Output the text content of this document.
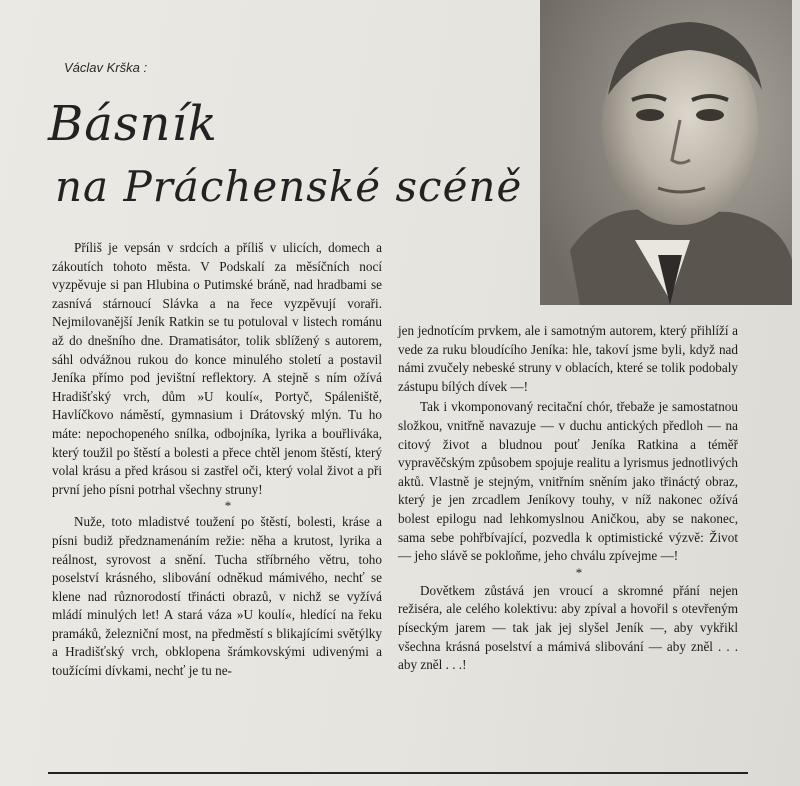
Václav Krška :
Básník
na Práchenské scéně

Příliš je vepsán v srdcích a příliš v ulicích, domech a zákoutích tohoto města. V Podskalí za měsíčních nocí vyzpěvuje si pan Hlubina o Putimské bráně, nad hradbami se zasnívá stárnoucí Slávka a na řece vyzpěvují voraři. Nejmilovanější Jeník Ratkin se tu potuloval v listech románu až do dnešního dne. Dramatisátor, tolik sblížený s autorem, sáhl odvážnou rukou do konce minulého století a postavil Jeníka přímo pod jevištní reflektory. A stejně s ním ožívá Hradišťský vrch, dům »U koulí«, Portyč, Spáleniště, Havlíčkovo náměstí, gymnasium i Drátovský mlýn. Tu ho máte: nepochopeného snílka, odbojníka, lyrika a bouřliváka, který toužil po štěstí a bolesti a přece chtěl jenom štěstí, který volal krásu a před krásou si zastřel oči, který volal život a při první jeho písni potrhal všechny struny!

*

Nuže, toto mladistvé toužení po štěstí, bolesti, kráse a písni budiž předznamenáním režie: něha a krutost, lyrika a reálnost, syrovost a snění. Tucha stříbrného větru, toho poselství krásného, slibování odněkud mámivého, nechť se klene nad různorodostí třinácti obrazů, v nichž se vyžívá mládí minulých let! A stará váza »U koulí«, hledící na řeku pramáků, železniční most, na předměstí s blikajícími světýlky a Hradišťský vrch, obklopena šrámkovskými udivenými a toužícími dívkami, nechť je tu ne-

jen jednotícím prvkem, ale i samotným autorem, který přihlíží a vede za ruku bloudícího Jeníka: hle, takoví jsme byli, když nad námi zvučely nebeské struny v oblacích, které se tolik podobaly zástupu bílých dívek —!

Tak i vkomponovaný recitační chór, třebaže je samostatnou složkou, vnitřně navazuje — v duchu antických předloh — na citový život a bludnou pouť Jeníka Ratkina a téměř vypravěčským způsobem spojuje realitu a lyrismus jednotlivých aktů. Vlastně je stejným, vnitřním sněním jako třináctý obraz, který je jen zrcadlem Jeníkovy touhy, v níž nakonec ožívá bolest epilogu nad lehkomyslnou Aničkou, aby se nakonec, sama sebe pohřbívající, pozvedla k optimistické výzvě: Život — jeho slávě se pokloňme, jeho chválu zpívejme —!

*

Dovětkem zůstává jen vroucí a skromné přání nejen režiséra, ale celého kolektivu: aby zpíval a hovořil s otevřeným píseckým jarem — tak jak jej slyšel Jeník —, aby vykřikl všechna krásná poselství a mámivá slibování — aby zněl . . . aby zněl . . .!
